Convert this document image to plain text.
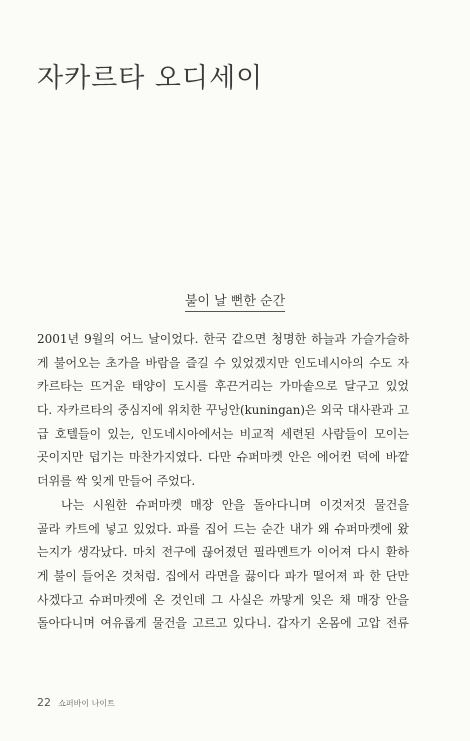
자카르타 오디세이
불이 날 뻔한 순간
2001년 9월의 어느 날이었다. 한국 같으면 청명한 하늘과 가슬가슬하
게 불어오는 초가을 바람을 즐길 수 있었겠지만 인도네시아의 수도 자
카르타는 뜨거운 태양이 도시를 후끈거리는 가마솥으로 달구고 있었
다. 자카르타의 중심지에 위치한 꾸닝안(kuningan)은 외국 대사관과 고
급 호텔들이 있는, 인도네시아에서는 비교적 세련된 사람들이 모이는
곳이지만 덥기는 마찬가지였다. 다만 슈퍼마켓 안은 에어컨 덕에 바깥
더위를 싹 잊게 만들어 주었다.
나는 시원한 슈퍼마켓 매장 안을 돌아다니며 이것저것 물건을
골라 카트에 넣고 있었다. 파를 집어 드는 순간 내가 왜 슈퍼마켓에 왔
는지가 생각났다. 마치 전구에 끊어졌던 필라멘트가 이어져 다시 환하
게 불이 들어온 것처럼. 집에서 라면을 끓이다 파가 떨어져 파 한 단만
사겠다고 슈퍼마켓에 온 것인데 그 사실은 까맣게 잊은 채 매장 안을
돌아다니며 여유롭게 물건을 고르고 있다니. 갑자기 온몸에 고압 전류
22 쇼퍼바이 나이트
